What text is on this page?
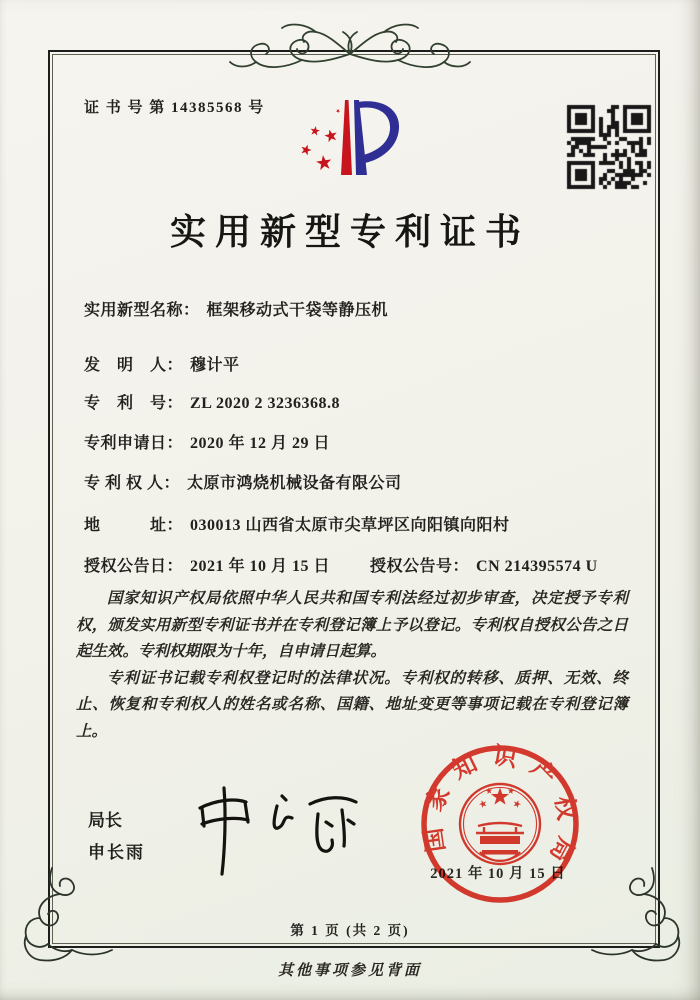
证 书 号 第 14385568 号
实用新型专利证书
实用新型名称： 框架移动式干袋等静压机
发　明　人： 穆计平
专　利　号： ZL 2020 2 3236368.8
专利申请日： 2020 年 12 月 29 日
专 利 权 人： 太原市鸿烧机械设备有限公司
地　　　址： 030013 山西省太原市尖草坪区向阳镇向阳村
授权公告日： 2021 年 10 月 15 日 授权公告号： CN 214395574 U

国家知识产权局依照中华人民共和国专利法经过初步审查，决定授予专利权，颁发实用新型专利证书并在专利登记簿上予以登记。专利权自授权公告之日起生效。专利权期限为十年，自申请日起算。

专利证书记载专利权登记时的法律状况。专利权的转移、质押、无效、终止、恢复和专利权人的姓名或名称、国籍、地址变更等事项记载在专利登记簿上。

局长
申长雨
2021 年 10 月 15 日
国家知识产权局
第 1 页 (共 2 页)
其他事项参见背面
